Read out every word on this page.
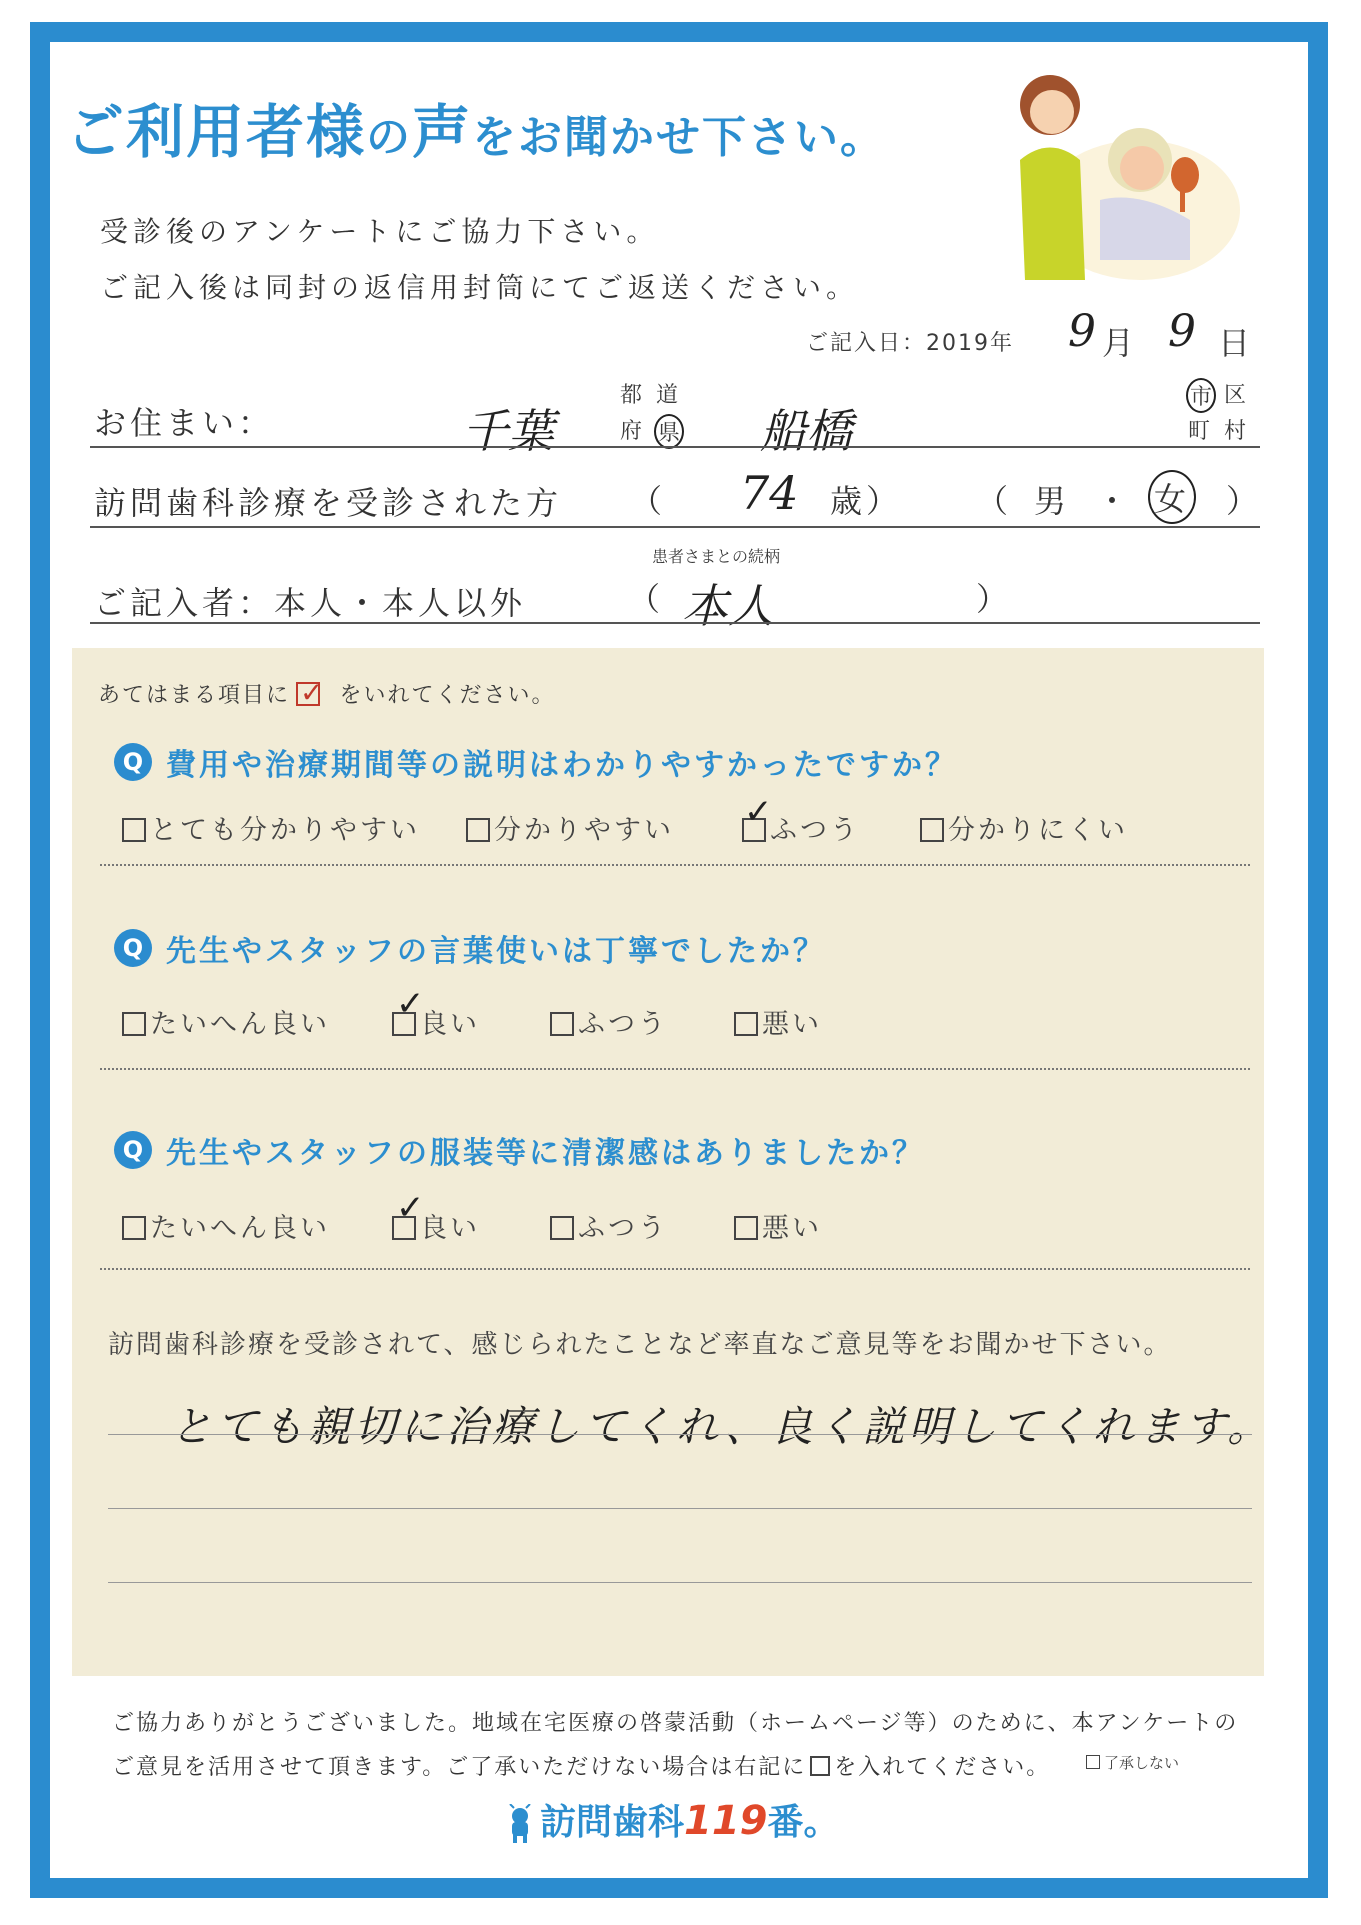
ご利用者様の声をお聞かせ下さい。
受診後のアンケートにご協力下さい。
ご記入後は同封の返信用封筒にてご返送ください。
ご記入日：2019年 9 月 9 日
お住まい：	千葉
都 道
府 県 船橋
市 区
町 村
訪問歯科診療を受診された方 （ 74 歳） （ 男 ・ 女 ）
患者さまとの続柄
ご記入者：本人・本人以外	（ 本人	）
あてはまる項目に ✓ をいれてください。
Q 費用や治療期間等の説明はわかりやすかったですか？
とても分かりやすい	分かりやすい	ふつう
✓	分かりにくい
Q 先生やスタッフの言葉使いは丁寧でしたか？
たいへん良い	良い
✓
ふつう	悪い
Q 先生やスタッフの服装等に清潔感はありましたか？
たいへん良い	良い
✓
ふつう	悪い
訪問歯科診療を受診されて、感じられたことなど率直なご意見等をお聞かせ下さい。
とても親切に治療してくれ、良く説明してくれます。
ご協力ありがとうございました。地域在宅医療の啓蒙活動（ホームページ等）のために、本アンケートの
ご意見を活用させて頂きます。ご了承いただけない場合は右記に を入れてください。	了承しない
訪問歯科119番。
